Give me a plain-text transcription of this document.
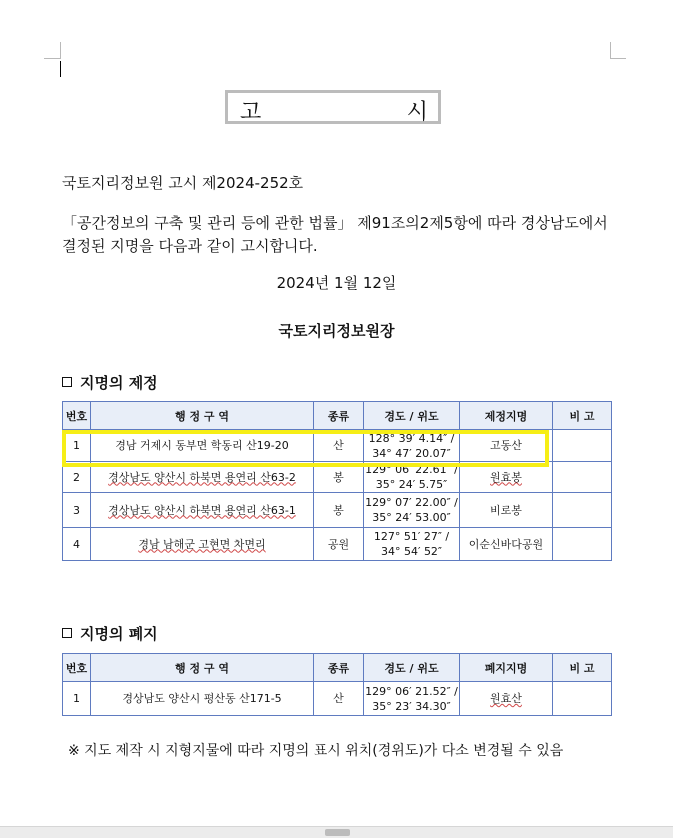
고	시
국토지리정보원 고시 제2024-252호
「공간정보의 구축 및 관리 등에 관한 법률」 제91조의2제5항에 따라 경상남도에서
결정된 지명을 다음과 같이 고시합니다.
2024년 1월 12일
국토지리정보원장
지명의 제정
번호	행 정 구 역	종류	경도 / 위도	제정지명	비 고
1	경남 거제시 동부면 학동리 산19-20	산	128° 39′ 4.14″ /
34° 47′ 20.07″	고동산	
2	경상남도 양산시 하북면 용연리 산63-2	봉	129° 06′ 22.61″ /
35° 24′ 5.75″	원효봉	
3	경상남도 양산시 하북면 용연리 산63-1	봉	129° 07′ 22.00″ /
35° 24′ 53.00″	비로봉	
4	경남 남해군 고현면 차면리	공원	127° 51′ 27″ /
34° 54′ 52″	이순신바다공원	
지명의 폐지
번호	행 정 구 역	종류	경도 / 위도	폐지지명	비 고
1	경상남도 양산시 평산동 산171-5	산	129° 06′ 21.52″ /
35° 23′ 34.30″	원효산	
※ 지도 제작 시 지형지물에 따라 지명의 표시 위치(경위도)가 다소 변경될 수 있음
